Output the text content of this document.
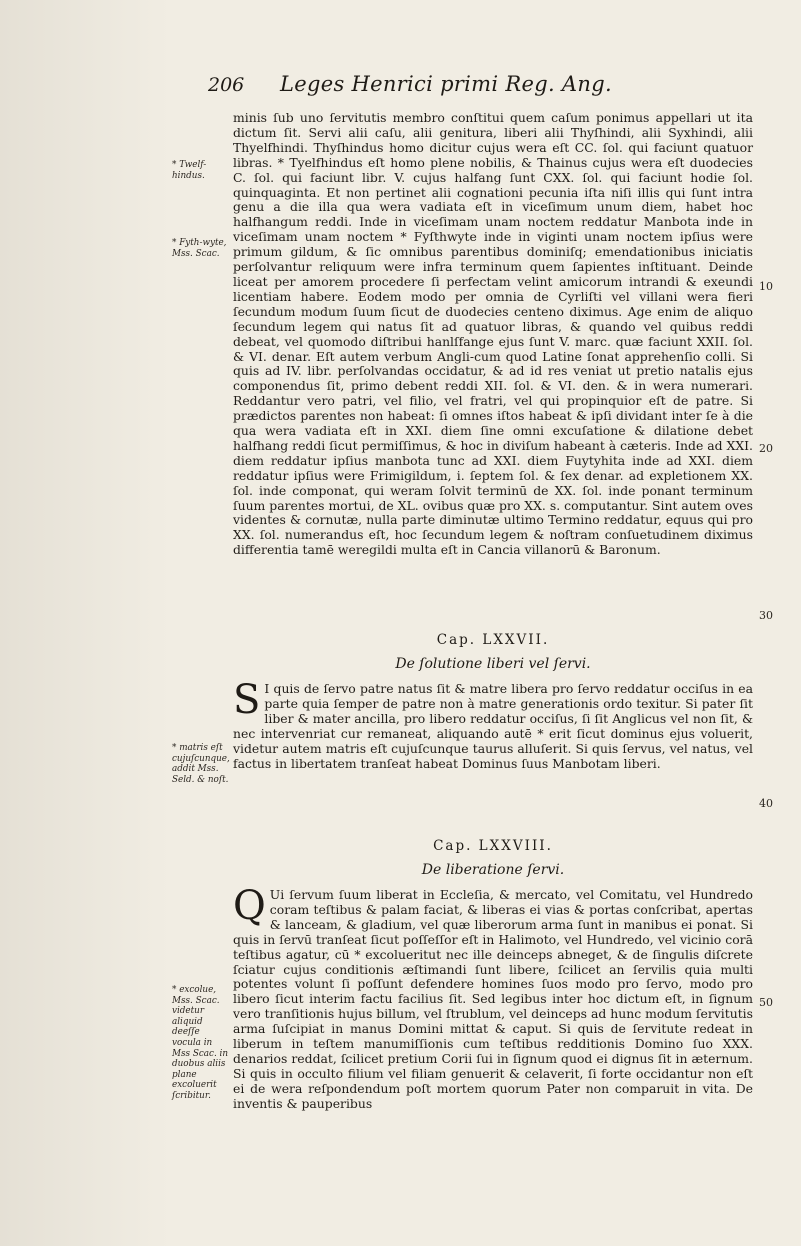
206 Leges Henrici primi Reg. Ang.

minis ſub uno ſervitutis membro conſtitui quem caſum ponimus appellari ut ita dictum ſit. Servi alii caſu, alii genitura, liberi alii Thyſhindi, alii Syxhindi, alii Thyelfhindi. Thyſhindus homo dicitur cujus wera eſt CC. ſol. qui faciunt quatuor libras. * Tyelfhindus eſt homo plene nobilis, & Thainus cujus wera eſt duodecies C. ſol. qui faciunt libr. V. cujus halfang ſunt CXX. ſol. qui faciunt hodie ſol. quinquaginta. Et non pertinet alii cognationi pecunia iſta niſi illis qui ſunt intra genu a die illa qua wera vadiata eſt in viceſimum unum diem, habet hoc halfhangum reddi. Inde in viceſimam unam noctem reddatur Manbota inde in viceſimam unam noctem * Fyſthwyte inde in viginti unam noctem ipſius were primum gildum, & ſic omnibus parentibus dominiſq; emendationibus iniciatis perſolvantur reliquum were infra terminum quem ſapientes inſtituant. Deinde liceat per amorem procedere ſi perfectam velint amicorum intrandi & exeundi licentiam habere. Eodem modo per omnia de Cyrliſti vel villani wera fieri ſecundum modum ſuum ſicut de duodecies centeno diximus. Age enim de aliquo ſecundum legem qui natus ſit ad quatuor libras, & quando vel quibus reddi debeat, vel quomodo diſtribui hanlſfange ejus ſunt V. marc. quæ faciunt XXII. ſol. & VI. denar. Eſt autem verbum Angli-cum quod Latine ſonat apprehenſio colli. Si quis ad IV. libr. perſolvandas occidatur, & ad id res veniat ut pretio natalis ejus componendus ſit, primo debent reddi XII. ſol. & VI. den. & in wera numerari. Reddantur vero patri, vel filio, vel fratri, vel qui propinquior eſt de patre. Si prædictos parentes non habeat: ſi omnes iſtos habeat & ipſi dividant inter ſe à die qua wera vadiata eſt in XXI. diem ſine omni excuſatione & dilatione debet halfhang reddi ſicut permiſſimus, & hoc in diviſum habeant à cæteris. Inde ad XXI. diem reddatur ipſius manbota tunc ad XXI. diem Fuytyhita inde ad XXI. diem reddatur ipſius were Frimigildum, i. ſeptem ſol. & ſex denar. ad expletionem XX. ſol. inde componat, qui weram ſolvit terminū de XX. ſol. inde ponant terminum ſuum parentes mortui, de XL. ovibus quæ pro XX. s. computantur. Sint autem oves videntes & cornutæ, nulla parte diminutæ ultimo Termino reddatur, equus qui pro XX. ſol. numerandus eſt, hoc ſecundum legem & noſtram conſuetudinem diximus differentia tamē weregildi multa eſt in Cancia villanorū & Baronum.

Cap. LXXVII.
De ſolutione liberi vel ſervi.

S I quis de ſervo patre natus ſit & matre libera pro ſervo reddatur occiſus in ea parte quia ſemper de patre non à matre generationis ordo texitur. Si pater ſit liber & mater ancilla, pro libero reddatur occiſus, ſi ſit Anglicus vel non ſit, & nec intervenriat cur remaneat, aliquando autē * erit ſicut dominus ejus voluerit, videtur autem matris eſt cujuſcunque taurus alluſerit. Si quis ſervus, vel natus, vel factus in libertatem tranſeat habeat Dominus ſuus Manbotam liberi.

Cap. LXXVIII.
De liberatione ſervi.

Q Ui ſervum ſuum liberat in Eccleſia, & mercato, vel Comitatu, vel Hundredo coram teſtibus & palam faciat, & liberas ei vias & portas conſcribat, apertas & lanceam, & gladium, vel quæ liberorum arma ſunt in manibus ei ponat. Si quis in ſervū tranſeat ſicut poſſeſſor eſt in Halimoto, vel Hundredo, vel vicinio corā teſtibus agatur, cū * excolueritut nec ille deinceps abneget, & de ſingulis diſcrete ſciatur cujus conditionis æſtimandi ſunt libere, ſcilicet an ſervilis quia multi potentes volunt ſi poſſunt defendere homines ſuos modo pro ſervo, modo pro libero ſicut interim factu facilius ſit. Sed legibus inter hoc dictum eſt, in ſignum vero tranſitionis hujus billum, vel ſtrublum, vel deinceps ad hunc modum ſervitutis arma ſuſcipiat in manus Domini mittat & caput. Si quis de ſervitute redeat in liberum in teſtem manumiſſionis cum teſtibus redditionis Domino ſuo XXX. denarios reddat, ſcilicet pretium Corii ſui in ſignum quod ei dignus ſit in æternum. Si quis in occulto filium vel filiam genuerit & celaverit, ſi forte occidantur non eſt ei de wera reſpondendum poſt mortem quorum Pater non comparuit in vita. De inventis & pauperibus

* Twelf-hindus.
* Fyth-wyte, Mss. Scac.
* matris eſt cujuſcunque, addit Mss. Seld. & noſt.
* excolue, Mss. Scac. videtur aliquid deeſſe vocula in Mss Scac. in duobus aliis plane excoluerit ſcribitur.
10
20
30
40
50
